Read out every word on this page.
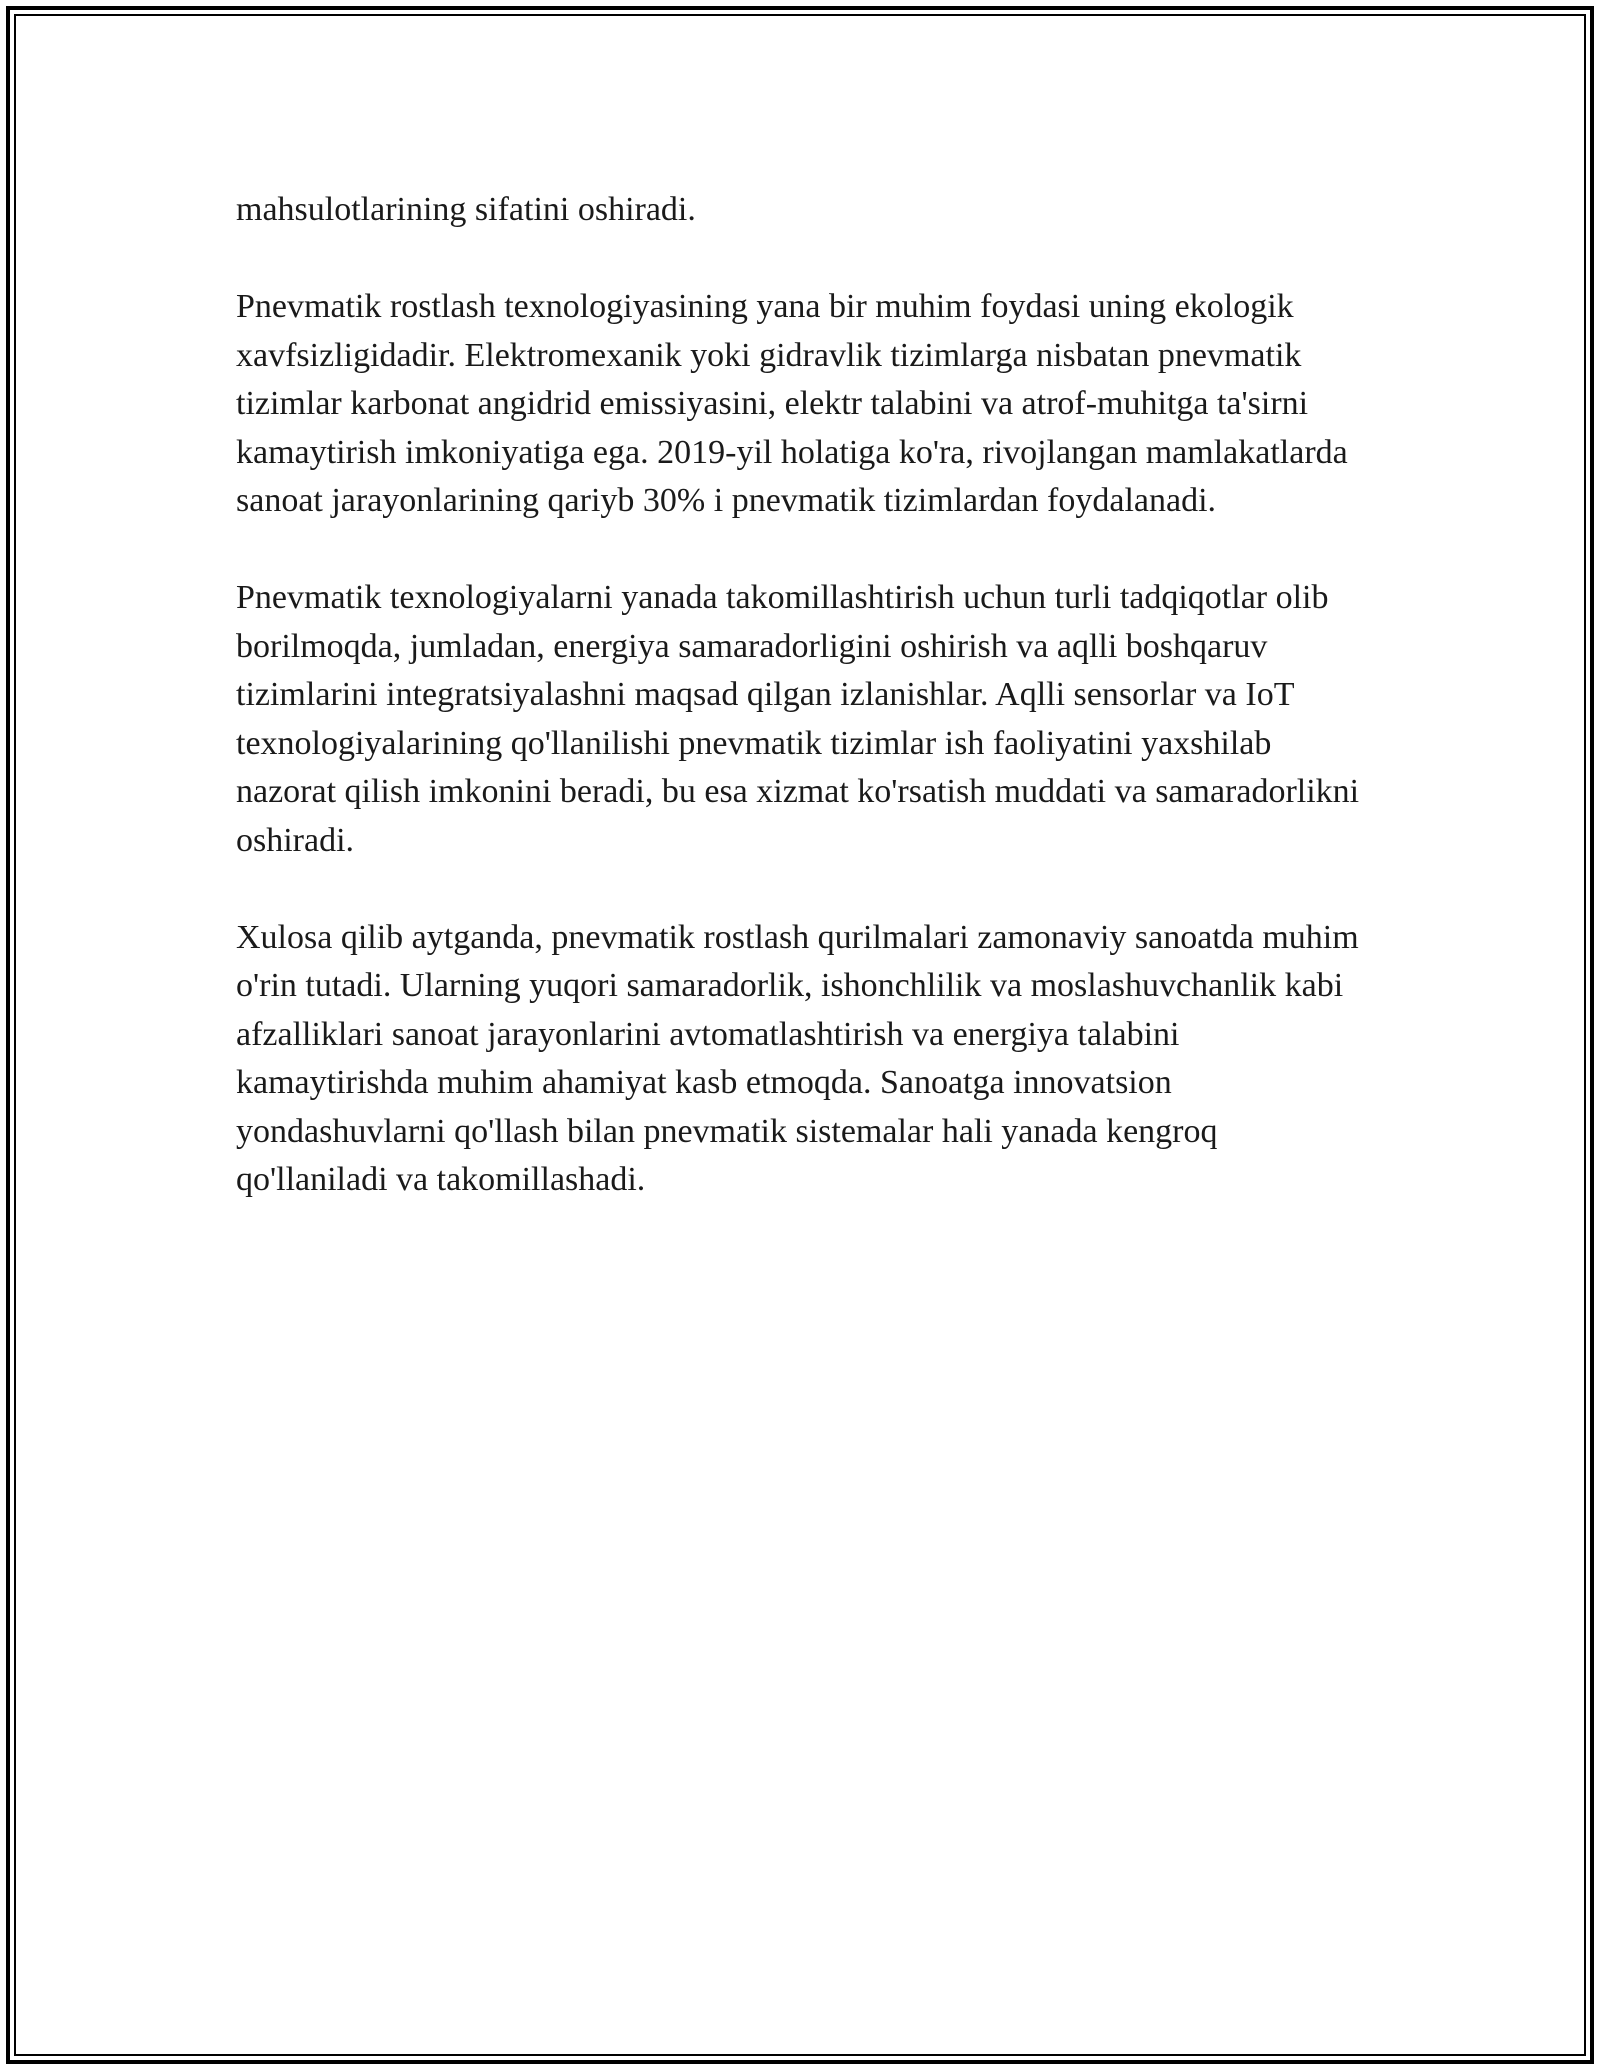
mahsulotlarining sifatini oshiradi.

Pnevmatik rostlash texnologiyasining yana bir muhim foydasi uning ekologik xavfsizligidadir. Elektromexanik yoki gidravlik tizimlarga nisbatan pnevmatik tizimlar karbonat angidrid emissiyasini, elektr talabini va atrof-muhitga ta'sirni kamaytirish imkoniyatiga ega. 2019-yil holatiga ko'ra, rivojlangan mamlakatlarda sanoat jarayonlarining qariyb 30% i pnevmatik tizimlardan foydalanadi.

Pnevmatik texnologiyalarni yanada takomillashtirish uchun turli tadqiqotlar olib borilmoqda, jumladan, energiya samaradorligini oshirish va aqlli boshqaruv tizimlarini integratsiyalashni maqsad qilgan izlanishlar. Aqlli sensorlar va IoT texnologiyalarining qo'llanilishi pnevmatik tizimlar ish faoliyatini yaxshilab nazorat qilish imkonini beradi, bu esa xizmat ko'rsatish muddati va samaradorlikni oshiradi.

Xulosa qilib aytganda, pnevmatik rostlash qurilmalari zamonaviy sanoatda muhim o'rin tutadi. Ularning yuqori samaradorlik, ishonchlilik va moslashuvchanlik kabi afzalliklari sanoat jarayonlarini avtomatlashtirish va energiya talabini kamaytirishda muhim ahamiyat kasb etmoqda. Sanoatga innovatsion yondashuvlarni qo'llash bilan pnevmatik sistemalar hali yanada kengroq qo'llaniladi va takomillashadi.
